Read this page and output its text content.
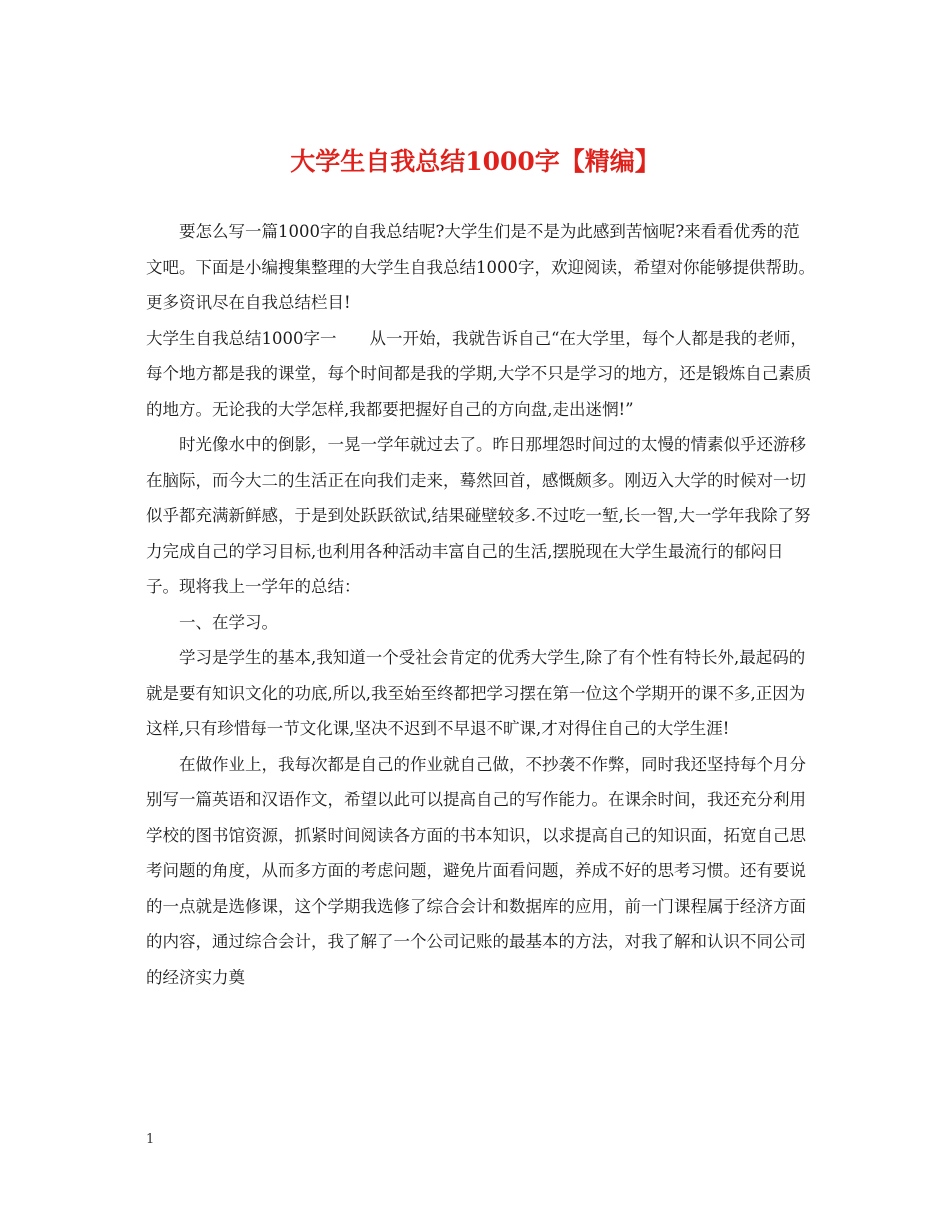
大学生自我总结1000字【精编】

要怎么写一篇1000字的自我总结呢?大学生们是不是为此感到苦恼呢?来看看优秀的范文吧。下面是小编搜集整理的大学生自我总结1000字，欢迎阅读，希望对你能够提供帮助。更多资讯尽在自我总结栏目!

大学生自我总结1000字一　　从一开始，我就告诉自己“在大学里，每个人都是我的老师，每个地方都是我的课堂，每个时间都是我的学期,大学不只是学习的地方，还是锻炼自己素质的地方。无论我的大学怎样,我都要把握好自己的方向盘,走出迷惘!”

时光像水中的倒影，一晃一学年就过去了。昨日那埋怨时间过的太慢的情素似乎还游移在脑际，而今大二的生活正在向我们走来，蓦然回首，感慨颇多。刚迈入大学的时候对一切似乎都充满新鲜感，于是到处跃跃欲试,结果碰壁较多.不过吃一堑,长一智,大一学年我除了努力完成自己的学习目标,也利用各种活动丰富自己的生活,摆脱现在大学生最流行的郁闷日子。现将我上一学年的总结：

一、在学习。

学习是学生的基本,我知道一个受社会肯定的优秀大学生,除了有个性有特长外,最起码的就是要有知识文化的功底,所以,我至始至终都把学习摆在第一位这个学期开的课不多,正因为这样,只有珍惜每一节文化课,坚决不迟到不早退不旷课,才对得住自己的大学生涯!

在做作业上，我每次都是自己的作业就自己做，不抄袭不作弊，同时我还坚持每个月分别写一篇英语和汉语作文，希望以此可以提高自己的写作能力。在课余时间，我还充分利用学校的图书馆资源，抓紧时间阅读各方面的书本知识，以求提高自己的知识面，拓宽自己思考问题的角度，从而多方面的考虑问题，避免片面看问题，养成不好的思考习惯。还有要说的一点就是选修课，这个学期我选修了综合会计和数据库的应用，前一门课程属于经济方面的内容，通过综合会计，我了解了一个公司记账的最基本的方法，对我了解和认识不同公司的经济实力奠

1
